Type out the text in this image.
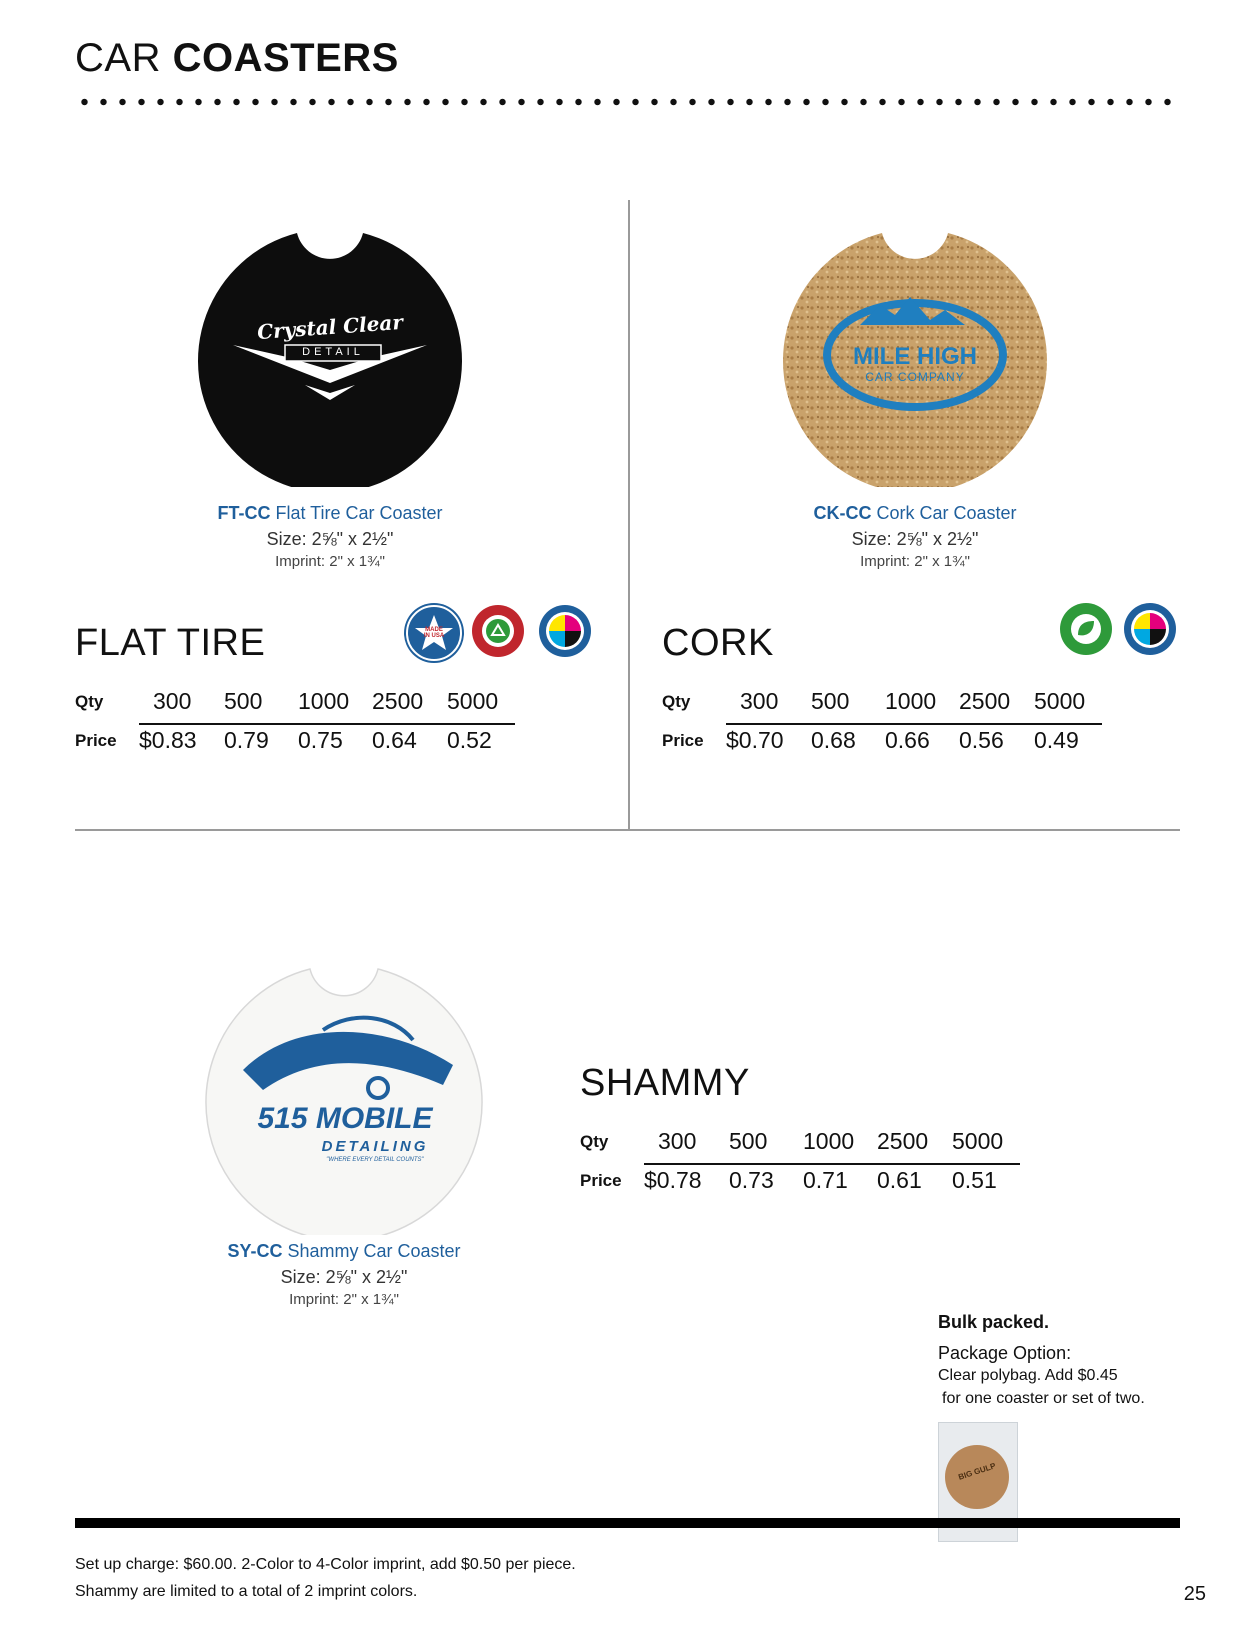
CAR COASTERS
Crystal Clear
DETAIL
FT-CC Flat Tire Car Coaster
Size: 2⅝" x 2½"
Imprint: 2" x 1¾"
MADE IN USA
FLAT TIRE
Qty 300 500 1000 2500 5000
Price $0.83 0.79 0.75 0.64 0.52
MILE HIGH
CAR COMPANY
CK-CC Cork Car Coaster
Size: 2⅝" x 2½"
Imprint: 2" x 1¾"
CORK
Qty 300 500 1000 2500 5000
Price $0.70 0.68 0.66 0.56 0.49
515 MOBILE
DETAILING
"WHERE EVERY DETAIL COUNTS"
SY-CC Shammy Car Coaster
Size: 2⅝" x 2½"
Imprint: 2" x 1¾"
SHAMMY
Qty 300 500 1000 2500 5000
Price $0.78 0.73 0.71 0.61 0.51
Bulk packed.
Package Option:
Clear polybag. Add $0.45
for one coaster or set of two.
BIG GULP
Set up charge: $60.00. 2-Color to 4-Color imprint, add $0.50 per piece.
Shammy are limited to a total of 2 imprint colors.	25
